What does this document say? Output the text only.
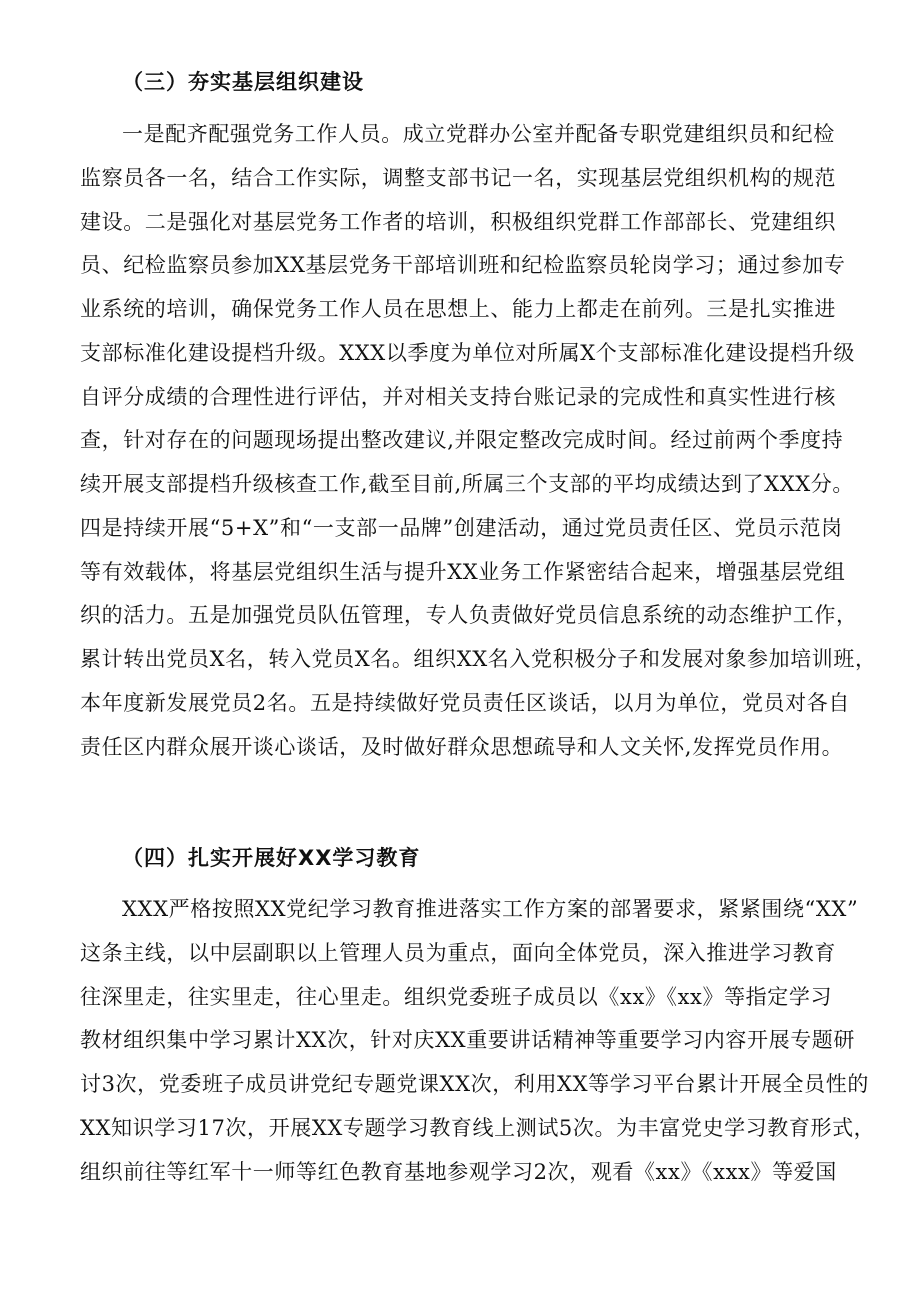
（三）夯实基层组织建设
一是配齐配强党务工作人员。成立党群办公室并配备专职党建组织员和纪检
监察员各一名，结合工作实际，调整支部书记一名，实现基层党组织机构的规范
建设。二是强化对基层党务工作者的培训，积极组织党群工作部部长、党建组织
员、纪检监察员参加XX基层党务干部培训班和纪检监察员轮岗学习；通过参加专
业系统的培训，确保党务工作人员在思想上、能力上都走在前列。三是扎实推进
支部标准化建设提档升级。XXX以季度为单位对所属X个支部标准化建设提档升级
自评分成绩的合理性进行评估，并对相关支持台账记录的完成性和真实性进行核
查，针对存在的问题现场提出整改建议,并限定整改完成时间。经过前两个季度持
续开展支部提档升级核查工作,截至目前,所属三个支部的平均成绩达到了XXX分。
四是持续开展“5+X”和“一支部一品牌”创建活动，通过党员责任区、党员示范岗
等有效载体，将基层党组织生活与提升XX业务工作紧密结合起来，增强基层党组
织的活力。五是加强党员队伍管理，专人负责做好党员信息系统的动态维护工作，
累计转出党员X名，转入党员X名。组织XX名入党积极分子和发展对象参加培训班，
本年度新发展党员2名。五是持续做好党员责任区谈话，以月为单位，党员对各自
责任区内群众展开谈心谈话，及时做好群众思想疏导和人文关怀,发挥党员作用。
（四）扎实开展好XX学习教育
XXX严格按照XX党纪学习教育推进落实工作方案的部署要求，紧紧围绕“XX”
这条主线，以中层副职以上管理人员为重点，面向全体党员，深入推进学习教育
往深里走，往实里走，往心里走。组织党委班子成员以《xx》《xx》等指定学习
教材组织集中学习累计XX次，针对庆XX重要讲话精神等重要学习内容开展专题研
讨3次，党委班子成员讲党纪专题党课XX次，利用XX等学习平台累计开展全员性的
XX知识学习17次，开展XX专题学习教育线上测试5次。为丰富党史学习教育形式，
组织前往等红军十一师等红色教育基地参观学习2次，观看《xx》《xxx》等爱国
